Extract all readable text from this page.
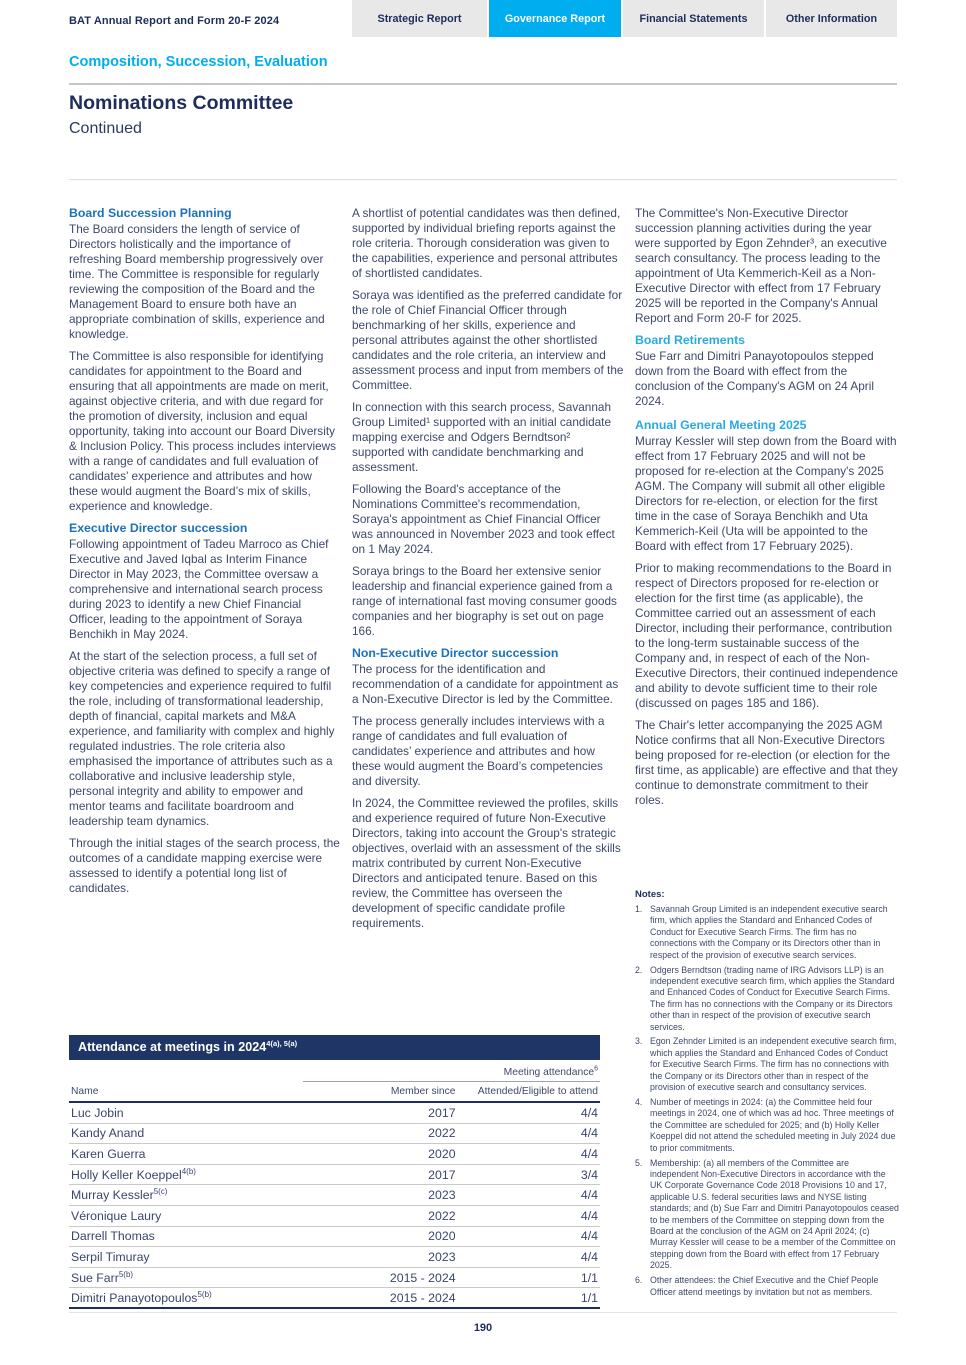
BAT Annual Report and Form 20-F 2024	Strategic Report	Governance Report	Financial Statements	Other Information
Composition, Succession, Evaluation
Nominations Committee
Continued
Board Succession Planning

The Board considers the length of service of Directors holistically and the importance of refreshing Board membership progressively over time. The Committee is responsible for regularly reviewing the composition of the Board and the Management Board to ensure both have an appropriate combination of skills, experience and knowledge.

The Committee is also responsible for identifying candidates for appointment to the Board and ensuring that all appointments are made on merit, against objective criteria, and with due regard for the promotion of diversity, inclusion and equal opportunity, taking into account our Board Diversity & Inclusion Policy. This process includes interviews with a range of candidates and full evaluation of candidates’ experience and attributes and how these would augment the Board’s mix of skills, experience and knowledge.

Executive Director succession

Following appointment of Tadeu Marroco as Chief Executive and Javed Iqbal as Interim Finance Director in May 2023, the Committee oversaw a comprehensive and international search process during 2023 to identify a new Chief Financial Officer, leading to the appointment of Soraya Benchikh in May 2024.

At the start of the selection process, a full set of objective criteria was defined to specify a range of key competencies and experience required to fulfil the role, including of transformational leadership, depth of financial, capital markets and M&A experience, and familiarity with complex and highly regulated industries. The role criteria also emphasised the importance of attributes such as a collaborative and inclusive leadership style, personal integrity and ability to empower and mentor teams and facilitate boardroom and leadership team dynamics.

Through the initial stages of the search process, the outcomes of a candidate mapping exercise were assessed to identify a potential long list of candidates.

A shortlist of potential candidates was then defined, supported by individual briefing reports against the role criteria. Thorough consideration was given to the capabilities, experience and personal attributes of shortlisted candidates.

Soraya was identified as the preferred candidate for the role of Chief Financial Officer through benchmarking of her skills, experience and personal attributes against the other shortlisted candidates and the role criteria, an interview and assessment process and input from members of the Committee.

In connection with this search process, Savannah Group Limited¹ supported with an initial candidate mapping exercise and Odgers Berndtson² supported with candidate benchmarking and assessment.

Following the Board's acceptance of the Nominations Committee's recommendation, Soraya's appointment as Chief Financial Officer was announced in November 2023 and took effect on 1 May 2024.

Soraya brings to the Board her extensive senior leadership and financial experience gained from a range of international fast moving consumer goods companies and her biography is set out on page 166.

Non-Executive Director succession

The process for the identification and recommendation of a candidate for appointment as a Non-Executive Director is led by the Committee.

The process generally includes interviews with a range of candidates and full evaluation of candidates’ experience and attributes and how these would augment the Board’s competencies and diversity.

In 2024, the Committee reviewed the profiles, skills and experience required of future Non-Executive Directors, taking into account the Group's strategic objectives, overlaid with an assessment of the skills matrix contributed by current Non-Executive Directors and anticipated tenure. Based on this review, the Committee has overseen the development of specific candidate profile requirements.

The Committee's Non-Executive Director succession planning activities during the year were supported by Egon Zehnder³, an executive search consultancy. The process leading to the appointment of Uta Kemmerich-Keil as a Non-Executive Director with effect from 17 February 2025 will be reported in the Company's Annual Report and Form 20-F for 2025.

Board Retirements

Sue Farr and Dimitri Panayotopoulos stepped down from the Board with effect from the conclusion of the Company's AGM on 24 April 2024.

Annual General Meeting 2025

Murray Kessler will step down from the Board with effect from 17 February 2025 and will not be proposed for re-election at the Company's 2025 AGM. The Company will submit all other eligible Directors for re-election, or election for the first time in the case of Soraya Benchikh and Uta Kemmerich-Keil (Uta will be appointed to the Board with effect from 17 February 2025).

Prior to making recommendations to the Board in respect of Directors proposed for re-election or election for the first time (as applicable), the Committee carried out an assessment of each Director, including their performance, contribution to the long-term sustainable success of the Company and, in respect of each of the Non-Executive Directors, their continued independence and ability to devote sufficient time to their role (discussed on pages 185 and 186).

The Chair's letter accompanying the 2025 AGM Notice confirms that all Non-Executive Directors being proposed for re-election (or election for the first time, as applicable) are effective and that they continue to demonstrate commitment to their roles.

Attendance at meetings in $2024^{4(a), 5(a)}$
Meeting attendance$^6$
Name	Member since	Attended/Eligible to attend
Luc Jobin	2017	4/4
Kandy Anand	2022	4/4
Karen Guerra	2020	4/4
Holly Keller Koeppel$^{4(b)}$	2017	3/4
Murray Kessler$^{5(c)}$	2023	4/4
Véronique Laury	2022	4/4
Darrell Thomas	2020	4/4
Serpil Timuray	2023	4/4
Sue Farr$^{5(b)}$	2015 - 2024	1/1
Dimitri Panayotopoulos$^{5(b)}$	2015 - 2024	1/1
Notes:
1. Savannah Group Limited is an independent executive search firm, which applies the Standard and Enhanced Codes of Conduct for Executive Search Firms. The firm has no connections with the Company or its Directors other than in respect of the provision of executive search services.
2. Odgers Berndtson (trading name of IRG Advisors LLP) is an independent executive search firm, which applies the Standard and Enhanced Codes of Conduct for Executive Search Firms. The firm has no connections with the Company or its Directors other than in respect of the provision of executive search services.
3. Egon Zehnder Limited is an independent executive search firm, which applies the Standard and Enhanced Codes of Conduct for Executive Search Firms. The firm has no connections with the Company or its Directors other than in respect of the provision of executive search and consultancy services.
4. Number of meetings in 2024: (a) the Committee held four meetings in 2024, one of which was ad hoc. Three meetings of the Committee are scheduled for 2025; and (b) Holly Keller Koeppel did not attend the scheduled meeting in July 2024 due to prior commitments.
5. Membership: (a) all members of the Committee are independent Non-Executive Directors in accordance with the UK Corporate Governance Code 2018 Provisions 10 and 17, applicable U.S. federal securities laws and NYSE listing standards; and (b) Sue Farr and Dimitri Panayotopoulos ceased to be members of the Committee on stepping down from the Board at the conclusion of the AGM on 24 April 2024; (c) Murray Kessler will cease to be a member of the Committee on stepping down from the Board with effect from 17 February 2025.
6. Other attendees: the Chief Executive and the Chief People Officer attend meetings by invitation but not as members.
190
